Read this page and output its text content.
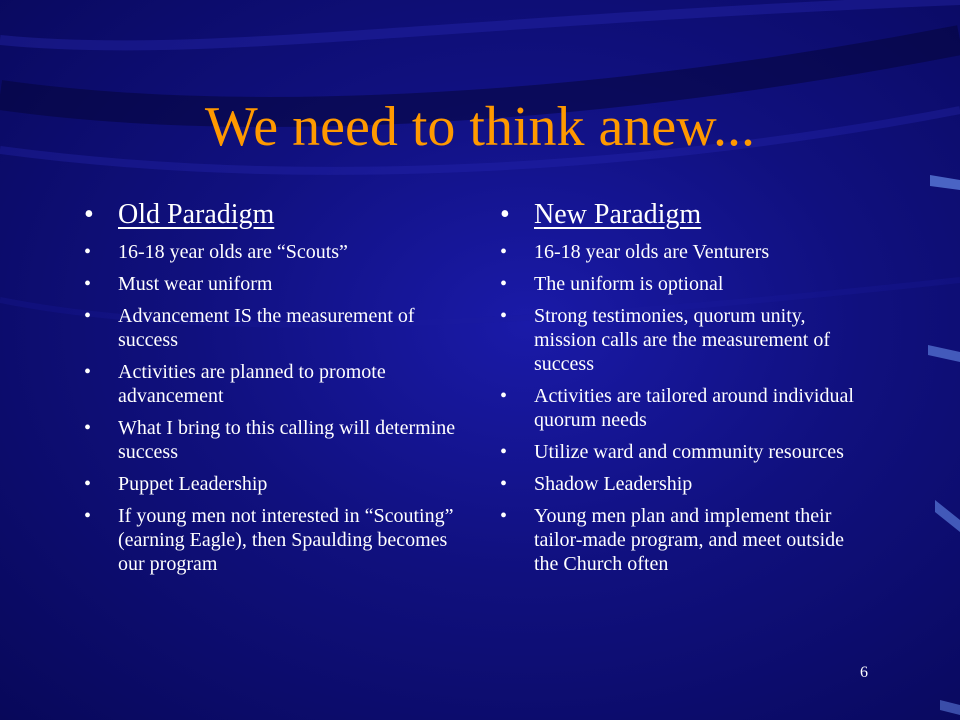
We need to think anew...
• Old Paradigm
• 16-18 year olds are “Scouts”
• Must wear uniform
• Advancement IS the measurement of success
• Activities are planned to promote advancement
• What I bring to this calling will determine success
• Puppet Leadership
• If young men not interested in “Scouting” (earning Eagle), then Spaulding becomes our program
• New Paradigm
• 16-18 year olds are Venturers
• The uniform is optional
• Strong testimonies, quorum unity, mission calls are the measurement of success
• Activities are tailored around individual quorum needs
• Utilize ward and community resources
• Shadow Leadership
• Young men plan and implement their tailor-made program, and meet outside the Church often
6
